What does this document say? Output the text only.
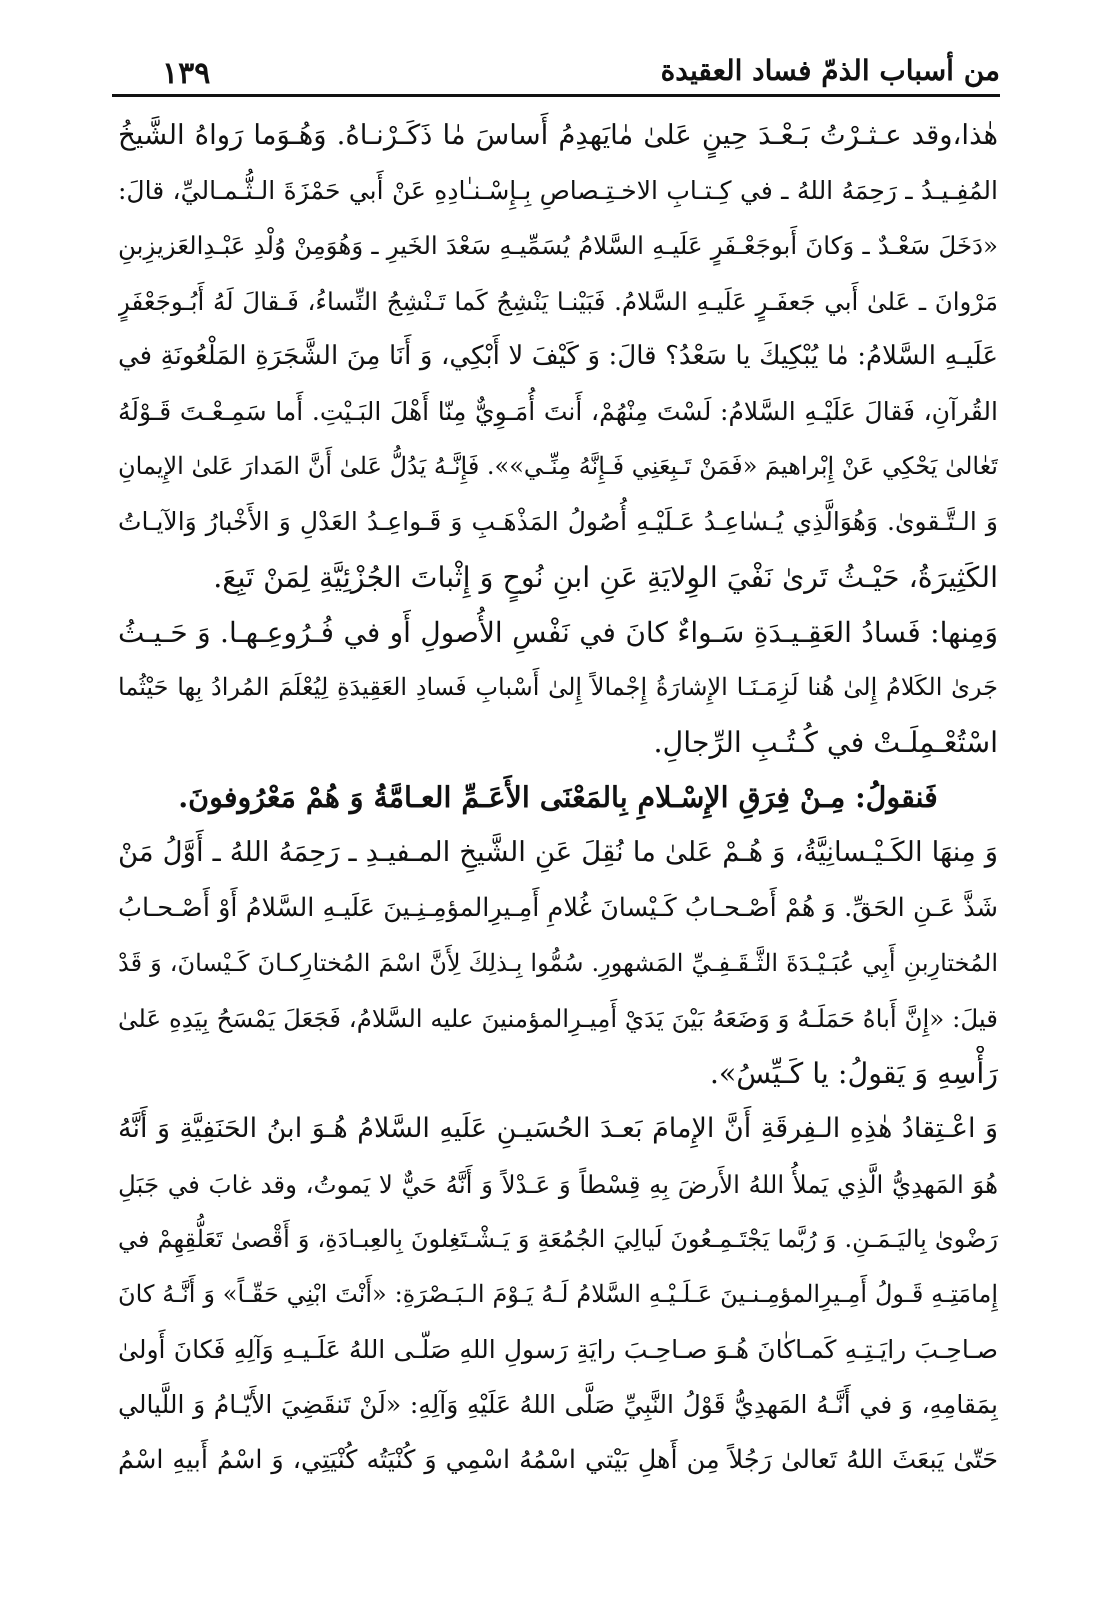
١٣٩	من أسباب الذمّ فساد العقيدة
هٰذا،وقد عـثـرْتُ بَـعْـدَ حِينٍ عَلىٰ مٰايَهدِمُ أَساسَ مٰا ذَكَـرْنـاهُ. وَهُـوَما رَواهُ الشَّيخُ
المُفِـيـدُ ـ رَحِمَهُ اللهُ ـ في كِـتـابِ الاخـتِـصاصِ بِـإِسْـنـٰادِهِ عَنْ أَبي حَمْزَةَ الـثُّـمـاليِّ، قالَ:
«دَخَلَ سَعْـدٌ ـ وَكانَ أَبوجَعْـفَرٍ عَلَيـهِ السَّلامُ يُسَمِّيـهِ سَعْدَ الخَيرِ ـ وَهُوَمِنْ وُلْدِ عَبْـدِالعَزيزِبنِ
مَرْوانَ ـ عَلىٰ أَبي جَعفَـرٍ عَلَيـهِ السَّلامُ. فَبَيْنـا يَنْشِجُ كَما تَـنْشِجُ النِّساءُ، فَـقالَ لَهُ أَبُـوجَعْفَرٍ
عَلَيـهِ السَّلامُ: مٰا يُبْكِيكَ يا سَعْدُ؟ قالَ: وَ كَيْفَ لا أَبْكِي، وَ أَنَا مِنَ الشَّجَرَةِ المَلْعُونَةِ في
القُرآنِ، فَقالَ عَلَيْـهِ السَّلامُ: لَسْتَ مِنْهُمْ، أَنتَ أُمَـوِيٌّ مِنّا أَهْلَ البَـيْتِ. أَما سَمِـعْـتَ قَـوْلَهُ
تَعٰالىٰ يَحْكِي عَنْ إِبْراهيمَ «فَمَنْ تَـبِعَنِي فَـإِنَّهُ مِنِّـي»». فَإِنَّـهُ يَدُلُّ عَلىٰ أَنَّ المَدارَ عَلىٰ الإِيمانِ
وَ الـتَّـقوىٰ. وَهُوَالَّذِي يُـسٰاعِـدُ عَـلَيْـهِ أُصُولُ المَذْهَـبِ وَ قَـواعِـدُ العَدْلِ وَ الأَخْبارُ وَالآيـاتُ
الكَثِيرَةُ، حَيْـثُ تَرىٰ نَفْيَ الوِلايَةِ عَنِ ابنِ نُوحٍ وَ إِثْباتَ الجُزْئِيَّةِ لِمَنْ تَبِعَ.
وَمِنها: فَسادُ العَقِـيـدَةِ سَـواءٌ كانَ في نَفْسِ الأُصولِ أَو في فُـرُوعِـهـا. وَ حَـيـثُ
جَرىٰ الكَلامُ إِلىٰ هُنا لَزِمَـنَـا الإِشارَةُ إِجْمالاً إِلىٰ أَسْبابِ فَسادِ العَقِيدَةِ لِيُعْلَمَ المُرادُ بِها حَيْثُما
اسْتُعْـمِلَـتْ في كُـتُـبِ الرِّجالِ.
فَنقولُ: مِـنْ فِرَقِ الإِسْـلامِ بِالمَعْنَى الأَعَـمِّ العـامَّةُ وَ هُمْ مَعْرُوفونَ.
وَ مِنهَا الكَـيْـسانِيَّةُ، وَ هُـمْ عَلىٰ ما نُقِلَ عَنِ الشَّيخِ المـفيـدِ ـ رَحِمَهُ اللهُ ـ أَوَّلُ مَنْ
شَذَّ عَـنِ الحَقِّ. وَ هُمْ أَصْـحـابُ كَـيْسانَ غُلامِ أَمِـيرِالمؤمِـنِـينَ عَلَيـهِ السَّلامُ أَوْ أَصْـحـابُ
المُختارِبنِ أَبِي عُبَـيْـدَةَ الثَّـقَـفِـيِّ المَشهورِ. سُمُّوا بِـذلِكَ لِأَنَّ اسْمَ المُختارِكـانَ كَـيْسانَ، وَ قَدْ
قيلَ: «إِنَّ أَباهُ حَمَلَـهُ وَ وَضَعَهُ بَيْنَ يَدَيْ أَمِيـرِالمؤمنينَ عليه السَّلامُ، فَجَعَلَ يَمْسَحُ بِيَدِهِ عَلىٰ
رَأْسِهِ وَ يَقولُ: يا كَـيِّسُ».
وَ اعْـتِقادُ هٰذِهِ الـفِرقَةِ أَنَّ الإِمامَ بَعـدَ الحُسَيـنِ عَلَيهِ السَّلامُ هُـوَ ابنُ الحَنَفِيَّةِ وَ أَنَّهُ
هُوَ المَهدِيُّ الَّذِي يَملأُ اللهُ الأَرضَ بِهِ قِسْطاً وَ عَـدْلاً وَ أَنَّهُ حَيٌّ لا يَموتُ، وقد غابَ في جَبَلِ
رَضْوىٰ بِاليَـمَـنِ. وَ رُبَّما يَجْتَـمِـعُونَ لَيالِيَ الجُمُعَةِ وَ يَـشْـتَغِلونَ بِالعِبـادَةِ، وَ أَقْصىٰ تَعَلُّقِهِمْ في
إِمامَتِـهِ قَـولُ أَمِـيرِالمؤمِـنـينَ عَـلَـيْـهِ السَّلامُ لَـهُ يَـوْمَ الـبَـصْرَةِ: «أَنْتَ ابْنِي حَقّـاً» وَ أَنَّـهُ كانَ
صـاحِـبَ رايَـتِـهِ كَمـاكٰانَ هُـوَ صـاحِـبَ رايَةِ رَسولِ اللهِ صَلّـى اللهُ عَلَـيـهِ وَآلِهِ فَكانَ أَولىٰ
بِمَقامِهِ، وَ في أَنَّـهُ المَهدِيُّ قَوْلُ النَّبِيِّ صَلَّى اللهُ عَلَيْهِ وَآلِهِ: «لَنْ تَنقَضِيَ الأَيّـامُ وَ اللَّيالي
حَتّىٰ يَبعَثَ اللهُ تَعالىٰ رَجُلاً مِن أَهلِ بَيْتي اسْمُهُ اسْمِي وَ كُنْيَتُه كُنْيَتِي، وَ اسْمُ أَبيهِ اسْمُ
